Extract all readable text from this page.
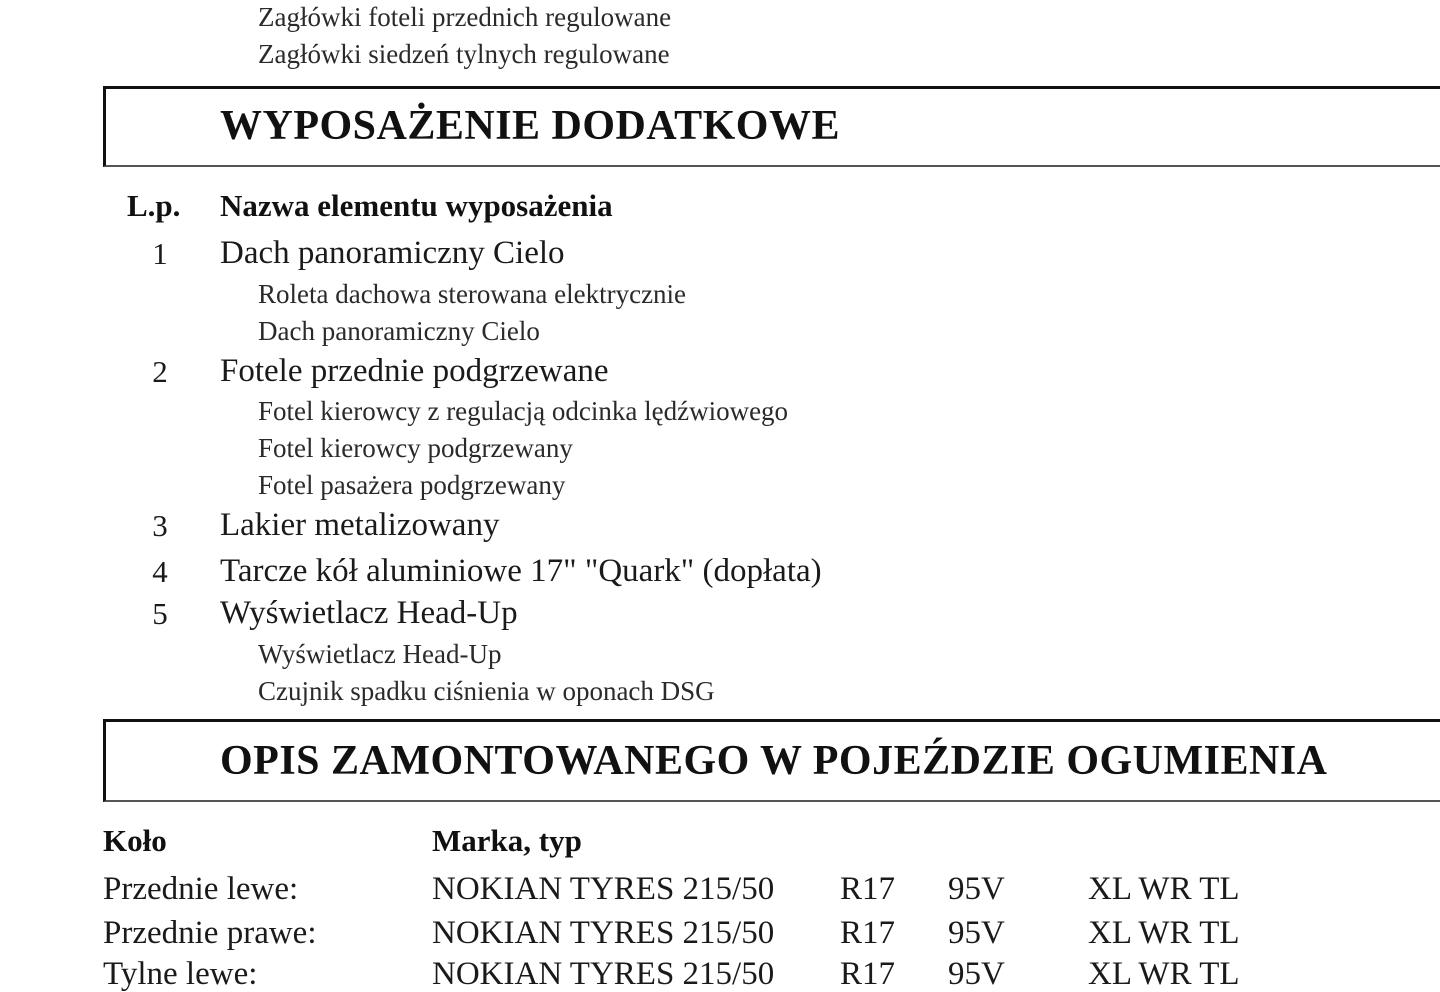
Zagłówki foteli przednich regulowane
Zagłówki siedzeń tylnych regulowane
WYPOSAŻENIE DODATKOWE
L.p. Nazwa elementu wyposażenia
1	Dach panoramiczny Cielo
Roleta dachowa sterowana elektrycznie
Dach panoramiczny Cielo
2	Fotele przednie podgrzewane
Fotel kierowcy z regulacją odcinka lędźwiowego
Fotel kierowcy podgrzewany
Fotel pasażera podgrzewany
3	Lakier metalizowany
4	Tarcze kół aluminiowe 17" "Quark" (dopłata)
5	Wyświetlacz Head-Up
Wyświetlacz Head-Up
Czujnik spadku ciśnienia w oponach DSG
OPIS ZAMONTOWANEGO W POJEŹDZIE OGUMIENIA
Koło	Marka, typ
Przednie lewe:	NOKIAN TYRES 215/50 R17 95V	XL WR TL
Przednie prawe:	NOKIAN TYRES 215/50 R17 95V	XL WR TL
Tylne lewe:	NOKIAN TYRES 215/50 R17 95V	XL WR TL
